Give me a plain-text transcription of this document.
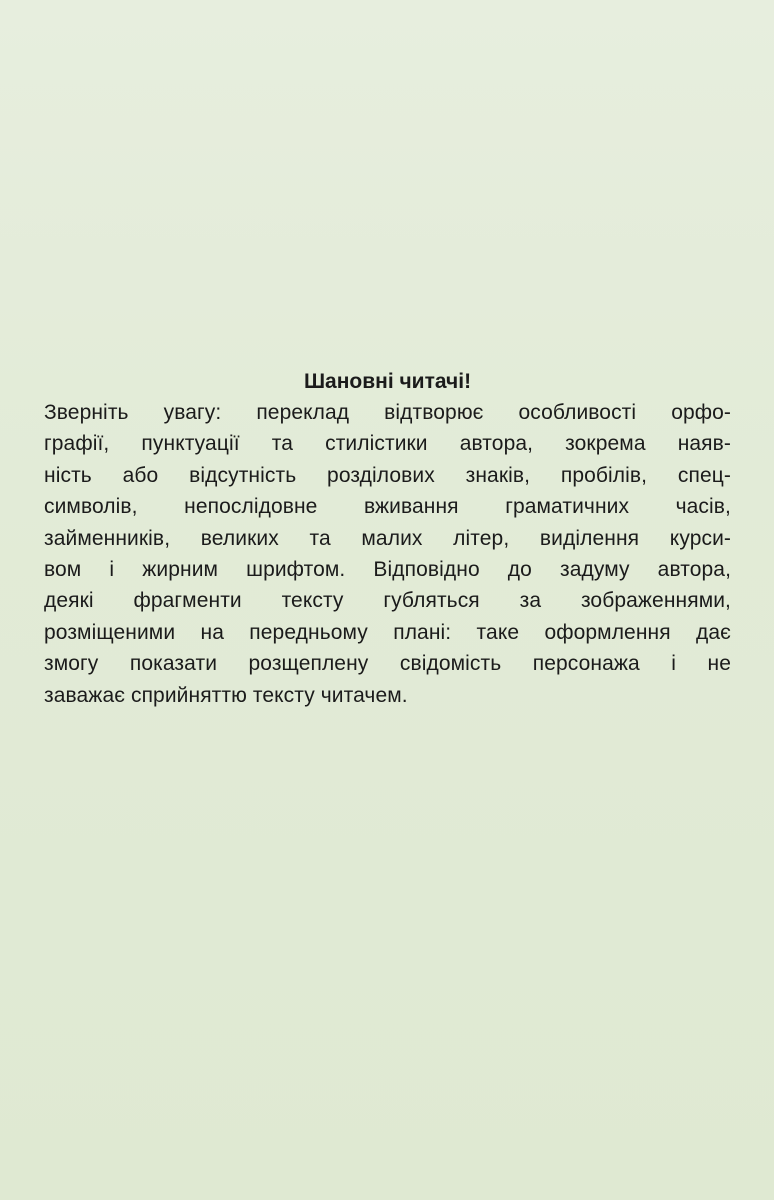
Шановні читачі!
Зверніть увагу: переклад відтворює особливості орфо-
графії, пунктуації та стилістики автора, зокрема наяв-
ність або відсутність розділових знаків, пробілів, спец-
символів, непослідовне вживання граматичних часів,
займенників, великих та малих літер, виділення курси-
вом і жирним шрифтом. Відповідно до задуму автора,
деякі фрагменти тексту губляться за зображеннями,
розміщеними на передньому плані: таке оформлення дає
змогу показати розщеплену свідомість персонажа і не
заважає сприйняттю тексту читачем.
